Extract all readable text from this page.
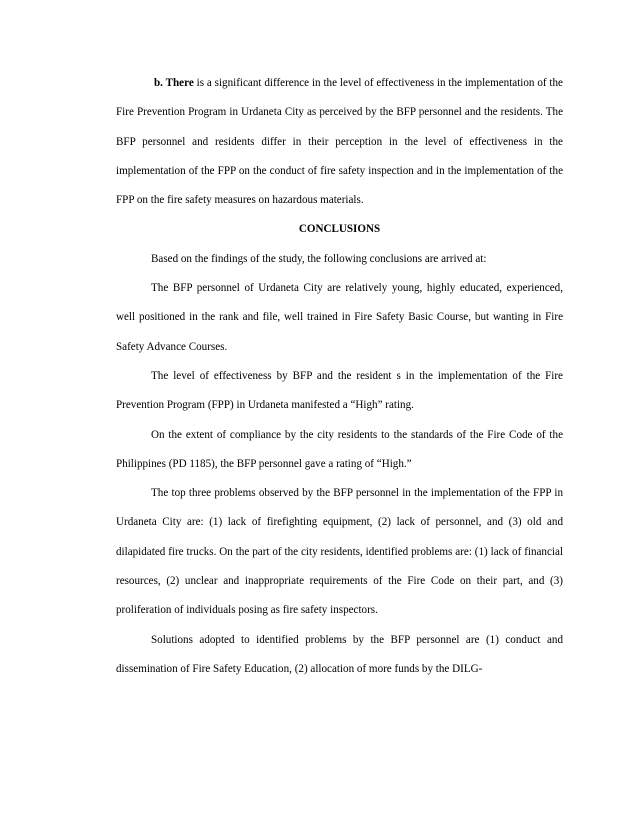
b. There is a significant difference in the level of effectiveness in the implementation of the Fire Prevention Program in Urdaneta City as perceived by the BFP personnel and the residents. The BFP personnel and residents differ in their perception in the level of effectiveness in the implementation of the FPP on the conduct of fire safety inspection and in the implementation of the FPP on the fire safety measures on hazardous materials.

CONCLUSIONS

Based on the findings of the study, the following conclusions are arrived at:

The BFP personnel of Urdaneta City are relatively young, highly educated, experienced, well positioned in the rank and file, well trained in Fire Safety Basic Course, but wanting in Fire Safety Advance Courses.

The level of effectiveness by BFP and the resident s in the implementation of the Fire Prevention Program (FPP) in Urdaneta manifested a “High” rating.

On the extent of compliance by the city residents to the standards of the Fire Code of the Philippines (PD 1185), the BFP personnel gave a rating of “High.”

The top three problems observed by the BFP personnel in the implementation of the FPP in Urdaneta City are: (1) lack of firefighting equipment, (2) lack of personnel, and (3) old and dilapidated fire trucks. On the part of the city residents, identified problems are: (1) lack of financial resources, (2) unclear and inappropriate requirements of the Fire Code on their part, and (3) proliferation of individuals posing as fire safety inspectors.

Solutions adopted to identified problems by the BFP personnel are (1) conduct and dissemination of Fire Safety Education, (2) allocation of more funds by the DILG-
